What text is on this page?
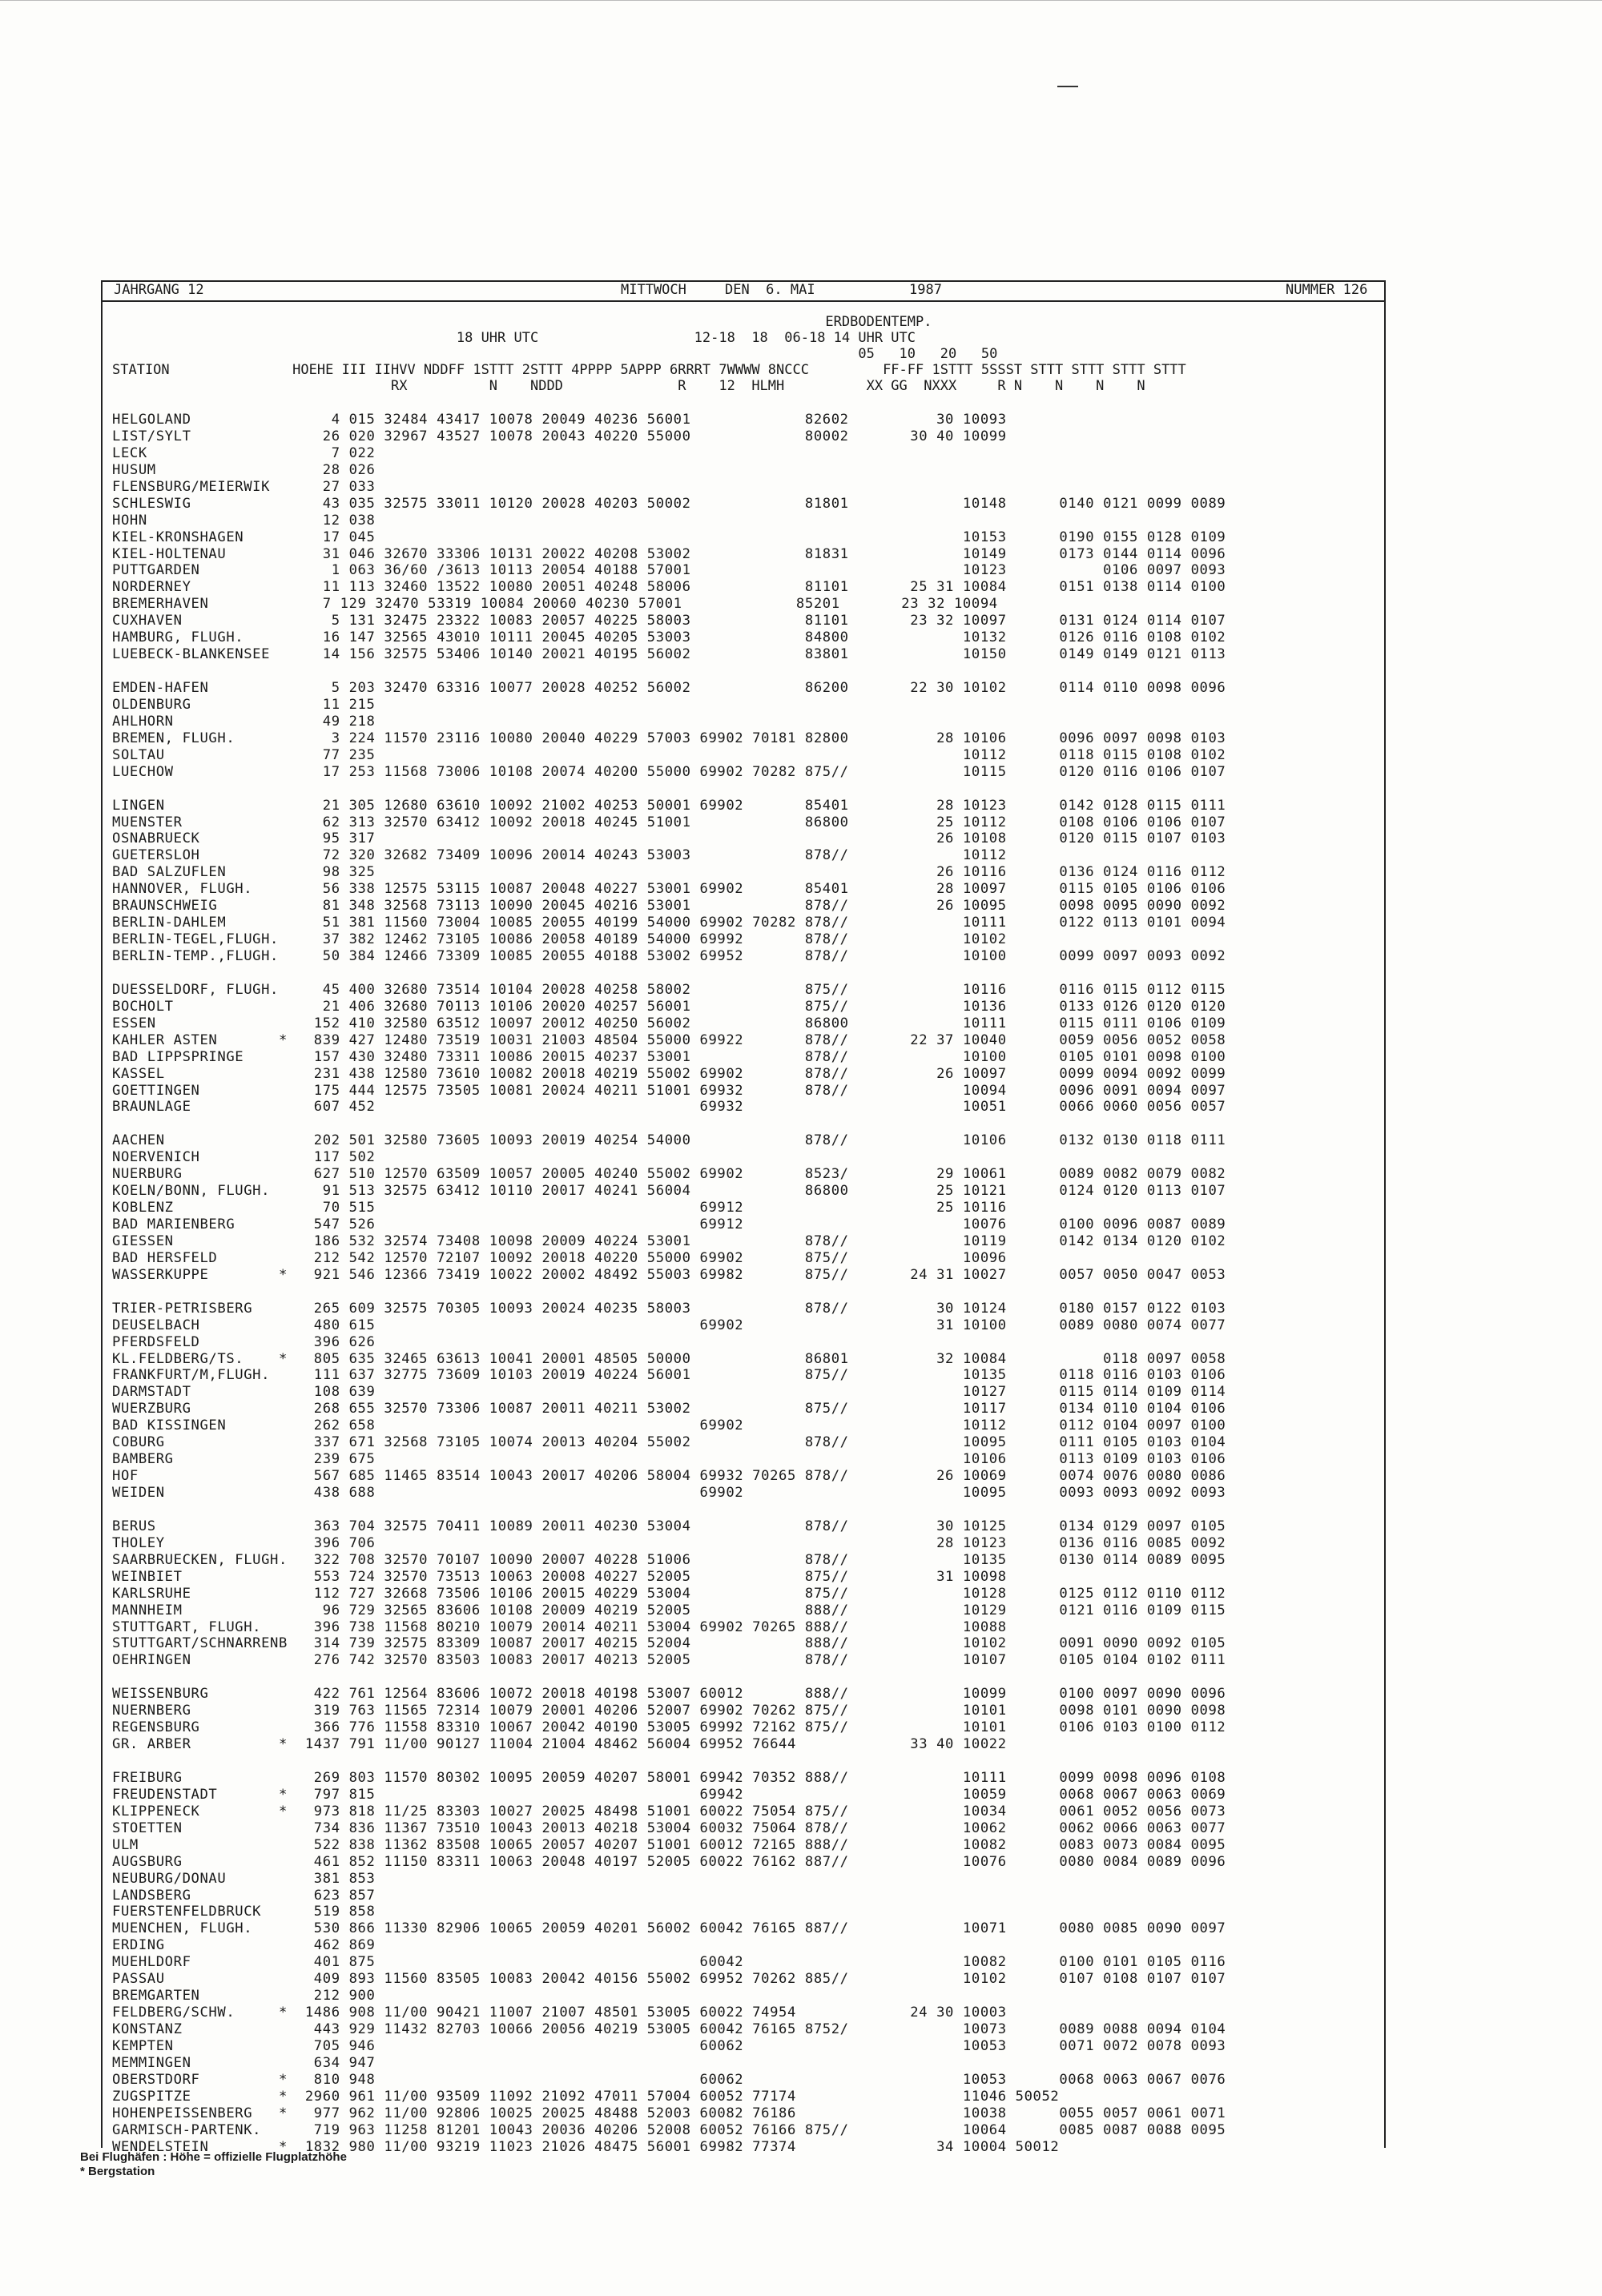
JAHRGANG 12	MITTWOCH	DEN  6. MAI	1987	NUMMER 126
ERDBODENTEMP.
18 UHR UTC                   12-18  18  06-18 14 UHR UTC
05   10   20   50
STATION               HOEHE III IIHVV NDDFF 1STTT 2STTT 4PPPP 5APPP 6RRRT 7WWWW 8NCCC         FF-FF 1STTT 5SSST STTT STTT STTT STTT
RX          N    NDDD              R    12  HLMH          XX GG  NXXX     R N    N    N    N
HELGOLAND                4 015 32484 43417 10078 20049 40236 56001             82602          30 10093
LIST/SYLT               26 020 32967 43527 10078 20043 40220 55000             80002       30 40 10099
LECK                     7 022
HUSUM                   28 026
FLENSBURG/MEIERWIK      27 033
SCHLESWIG               43 035 32575 33011 10120 20028 40203 50002             81801             10148      0140 0121 0099 0089
HOHN                    12 038
KIEL-KRONSHAGEN         17 045                                                                   10153      0190 0155 0128 0109
KIEL-HOLTENAU           31 046 32670 33306 10131 20022 40208 53002             81831             10149      0173 0144 0114 0096
PUTTGARDEN               1 063 36/60 /3613 10113 20054 40188 57001                               10123           0106 0097 0093
NORDERNEY               11 113 32460 13522 10080 20051 40248 58006             81101       25 31 10084      0151 0138 0114 0100
BREMERHAVEN             7 129 32470 53319 10084 20060 40230 57001             85201       23 32 10094
CUXHAVEN                 5 131 32475 23322 10083 20057 40225 58003             81101       23 32 10097      0131 0124 0114 0107
HAMBURG, FLUGH.         16 147 32565 43010 10111 20045 40205 53003             84800             10132      0126 0116 0108 0102
LUEBECK-BLANKENSEE      14 156 32575 53406 10140 20021 40195 56002             83801             10150      0149 0149 0121 0113
EMDEN-HAFEN              5 203 32470 63316 10077 20028 40252 56002             86200       22 30 10102      0114 0110 0098 0096
OLDENBURG               11 215
AHLHORN                 49 218
BREMEN, FLUGH.           3 224 11570 23116 10080 20040 40229 57003 69902 70181 82800          28 10106      0096 0097 0098 0103
SOLTAU                  77 235                                                                   10112      0118 0115 0108 0102
LUECHOW                 17 253 11568 73006 10108 20074 40200 55000 69902 70282 875//             10115      0120 0116 0106 0107
LINGEN                  21 305 12680 63610 10092 21002 40253 50001 69902       85401          28 10123      0142 0128 0115 0111
MUENSTER                62 313 32570 63412 10092 20018 40245 51001             86800          25 10112      0108 0106 0106 0107
OSNABRUECK              95 317                                                                26 10108      0120 0115 0107 0103
GUETERSLOH              72 320 32682 73409 10096 20014 40243 53003             878//             10112
BAD SALZUFLEN           98 325                                                                26 10116      0136 0124 0116 0112
HANNOVER, FLUGH.        56 338 12575 53115 10087 20048 40227 53001 69902       85401          28 10097      0115 0105 0106 0106
BRAUNSCHWEIG            81 348 32568 73113 10090 20045 40216 53001             878//          26 10095      0098 0095 0090 0092
BERLIN-DAHLEM           51 381 11560 73004 10085 20055 40199 54000 69902 70282 878//             10111      0122 0113 0101 0094
BERLIN-TEGEL,FLUGH.     37 382 12462 73105 10086 20058 40189 54000 69992       878//             10102
BERLIN-TEMP.,FLUGH.     50 384 12466 73309 10085 20055 40188 53002 69952       878//             10100      0099 0097 0093 0092
DUESSELDORF, FLUGH.     45 400 32680 73514 10104 20028 40258 58002             875//             10116      0116 0115 0112 0115
BOCHOLT                 21 406 32680 70113 10106 20020 40257 56001             875//             10136      0133 0126 0120 0120
ESSEN                  152 410 32580 63512 10097 20012 40250 56002             86800             10111      0115 0111 0106 0109
KAHLER ASTEN       *   839 427 12480 73519 10031 21003 48504 55000 69922       878//       22 37 10040      0059 0056 0052 0058
BAD LIPPSPRINGE        157 430 32480 73311 10086 20015 40237 53001             878//             10100      0105 0101 0098 0100
KASSEL                 231 438 12580 73610 10082 20018 40219 55002 69902       878//          26 10097      0099 0094 0092 0099
GOETTINGEN             175 444 12575 73505 10081 20024 40211 51001 69932       878//             10094      0096 0091 0094 0097
BRAUNLAGE              607 452                                     69932                         10051      0066 0060 0056 0057
AACHEN                 202 501 32580 73605 10093 20019 40254 54000             878//             10106      0132 0130 0118 0111
NOERVENICH             117 502
NUERBURG               627 510 12570 63509 10057 20005 40240 55002 69902       8523/          29 10061      0089 0082 0079 0082
KOELN/BONN, FLUGH.      91 513 32575 63412 10110 20017 40241 56004             86800          25 10121      0124 0120 0113 0107
KOBLENZ                 70 515                                     69912                      25 10116
BAD MARIENBERG         547 526                                     69912                         10076      0100 0096 0087 0089
GIESSEN                186 532 32574 73408 10098 20009 40224 53001             878//             10119      0142 0134 0120 0102
BAD HERSFELD           212 542 12570 72107 10092 20018 40220 55000 69902       875//             10096
WASSERKUPPE        *   921 546 12366 73419 10022 20002 48492 55003 69982       875//       24 31 10027      0057 0050 0047 0053
TRIER-PETRISBERG       265 609 32575 70305 10093 20024 40235 58003             878//          30 10124      0180 0157 0122 0103
DEUSELBACH             480 615                                     69902                      31 10100      0089 0080 0074 0077
PFERDSFELD             396 626
KL.FELDBERG/TS.    *   805 635 32465 63613 10041 20001 48505 50000             86801          32 10084           0118 0097 0058
FRANKFURT/M,FLUGH.     111 637 32775 73609 10103 20019 40224 56001             875//             10135      0118 0116 0103 0106
DARMSTADT              108 639                                                                   10127      0115 0114 0109 0114
WUERZBURG              268 655 32570 73306 10087 20011 40211 53002             875//             10117      0134 0110 0104 0106
BAD KISSINGEN          262 658                                     69902                         10112      0112 0104 0097 0100
COBURG                 337 671 32568 73105 10074 20013 40204 55002             878//             10095      0111 0105 0103 0104
BAMBERG                239 675                                                                   10106      0113 0109 0103 0106
HOF                    567 685 11465 83514 10043 20017 40206 58004 69932 70265 878//          26 10069      0074 0076 0080 0086
WEIDEN                 438 688                                     69902                         10095      0093 0093 0092 0093
BERUS                  363 704 32575 70411 10089 20011 40230 53004             878//          30 10125      0134 0129 0097 0105
THOLEY                 396 706                                                                28 10123      0136 0116 0085 0092
SAARBRUECKEN, FLUGH.   322 708 32570 70107 10090 20007 40228 51006             878//             10135      0130 0114 0089 0095
WEINBIET               553 724 32570 73513 10063 20008 40227 52005             875//          31 10098
KARLSRUHE              112 727 32668 73506 10106 20015 40229 53004             875//             10128      0125 0112 0110 0112
MANNHEIM                96 729 32565 83606 10108 20009 40219 52005             888//             10129      0121 0116 0109 0115
STUTTGART, FLUGH.      396 738 11568 80210 10079 20014 40211 53004 69902 70265 888//             10088
STUTTGART/SCHNARRENB   314 739 32575 83309 10087 20017 40215 52004             888//             10102      0091 0090 0092 0105
OEHRINGEN              276 742 32570 83503 10083 20017 40213 52005             878//             10107      0105 0104 0102 0111
WEISSENBURG            422 761 12564 83606 10072 20018 40198 53007 60012       888//             10099      0100 0097 0090 0096
NUERNBERG              319 763 11565 72314 10079 20001 40206 52007 69902 70262 875//             10101      0098 0101 0090 0098
REGENSBURG             366 776 11558 83310 10067 20042 40190 53005 69992 72162 875//             10101      0106 0103 0100 0112
GR. ARBER          *  1437 791 11/00 90127 11004 21004 48462 56004 69952 76644             33 40 10022
FREIBURG               269 803 11570 80302 10095 20059 40207 58001 69942 70352 888//             10111      0099 0098 0096 0108
FREUDENSTADT       *   797 815                                     69942                         10059      0068 0067 0063 0069
KLIPPENECK         *   973 818 11/25 83303 10027 20025 48498 51001 60022 75054 875//             10034      0061 0052 0056 0073
STOETTEN               734 836 11367 73510 10043 20013 40218 53004 60032 75064 878//             10062      0062 0066 0063 0077
ULM                    522 838 11362 83508 10065 20057 40207 51001 60012 72165 888//             10082      0083 0073 0084 0095
AUGSBURG               461 852 11150 83311 10063 20048 40197 52005 60022 76162 887//             10076      0080 0084 0089 0096
NEUBURG/DONAU          381 853
LANDSBERG              623 857
FUERSTENFELDBRUCK      519 858
MUENCHEN, FLUGH.       530 866 11330 82906 10065 20059 40201 56002 60042 76165 887//             10071      0080 0085 0090 0097
ERDING                 462 869
MUEHLDORF              401 875                                     60042                         10082      0100 0101 0105 0116
PASSAU                 409 893 11560 83505 10083 20042 40156 55002 69952 70262 885//             10102      0107 0108 0107 0107
BREMGARTEN             212 900
FELDBERG/SCHW.     *  1486 908 11/00 90421 11007 21007 48501 53005 60022 74954             24 30 10003
KONSTANZ               443 929 11432 82703 10066 20056 40219 53005 60042 76165 8752/             10073      0089 0088 0094 0104
KEMPTEN                705 946                                     60062                         10053      0071 0072 0078 0093
MEMMINGEN              634 947
OBERSTDORF         *   810 948                                     60062                         10053      0068 0063 0067 0076
ZUGSPITZE          *  2960 961 11/00 93509 11092 21092 47011 57004 60052 77174                   11046 50052
HOHENPEISSENBERG   *   977 962 11/00 92806 10025 20025 48488 52003 60082 76186                   10038      0055 0057 0061 0071
GARMISCH-PARTENK.      719 963 11258 81201 10043 20036 40206 52008 60052 76166 875//             10064      0085 0087 0088 0095
WENDELSTEIN        *  1832 980 11/00 93219 11023 21026 48475 56001 69982 77374                34 10004 50012
Bei Flughäfen : Höhe = offizielle Flugplatzhöhe
* Bergstation
